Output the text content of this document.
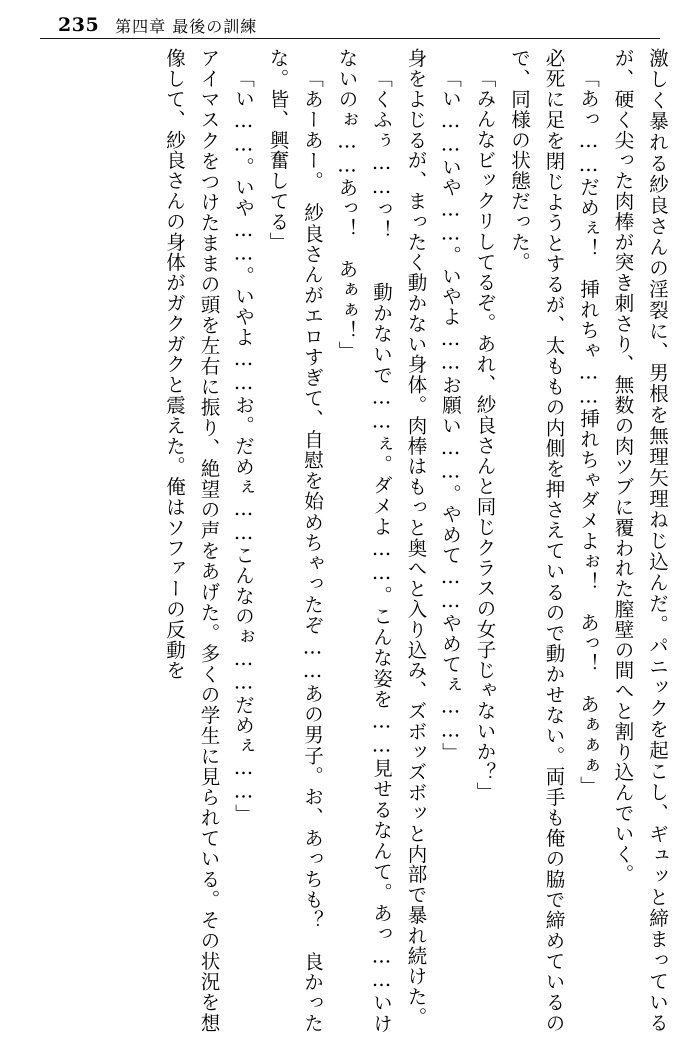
235 第四章 最後の訓練

激しく暴れる紗良さんの淫裂に、男根を無理矢理ねじ込んだ。パニックを起こし、ギュッと締まっているが、硬く尖った肉棒が突き刺さり、無数の肉ツブに覆われた膣壁の間へと割り込んでいく。

「あっ……だめぇ！　挿れちゃ……挿れちゃダメよぉ！　あっ！　あぁぁぁ」

必死に足を閉じようとするが、太ももの内側を押さえているので動かせない。両手も俺の脇で締めているので、同様の状態だった。

「みんなビックリしてるぞ。あれ、紗良さんと同じクラスの女子じゃないか？」

「い……いや……。いやよ……お願い……。やめて……やめてぇ……」

身をよじるが、まったく動かない身体。肉棒はもっと奥へと入り込み、ズボッズボッと内部で暴れ続けた。

「くふぅ……っ！　　動かないで……ぇ。ダメよ……。こんな姿を……見せるなんて。あっ……いけないのぉ……あっ！　あぁぁ！」

「あーあー。　紗良さんがエロすぎて、自慰を始めちゃったぞ……あの男子。お、あっちも？　良かったな。皆、興奮してる」

「い……。いや……。いやよ……お。だめぇ……こんなのぉ……だめぇ……」

アイマスクをつけたままの頭を左右に振り、絶望の声をあげた。多くの学生に見られている。その状況を想像して、紗良さんの身体がガクガクと震えた。俺はソファーの反動を
